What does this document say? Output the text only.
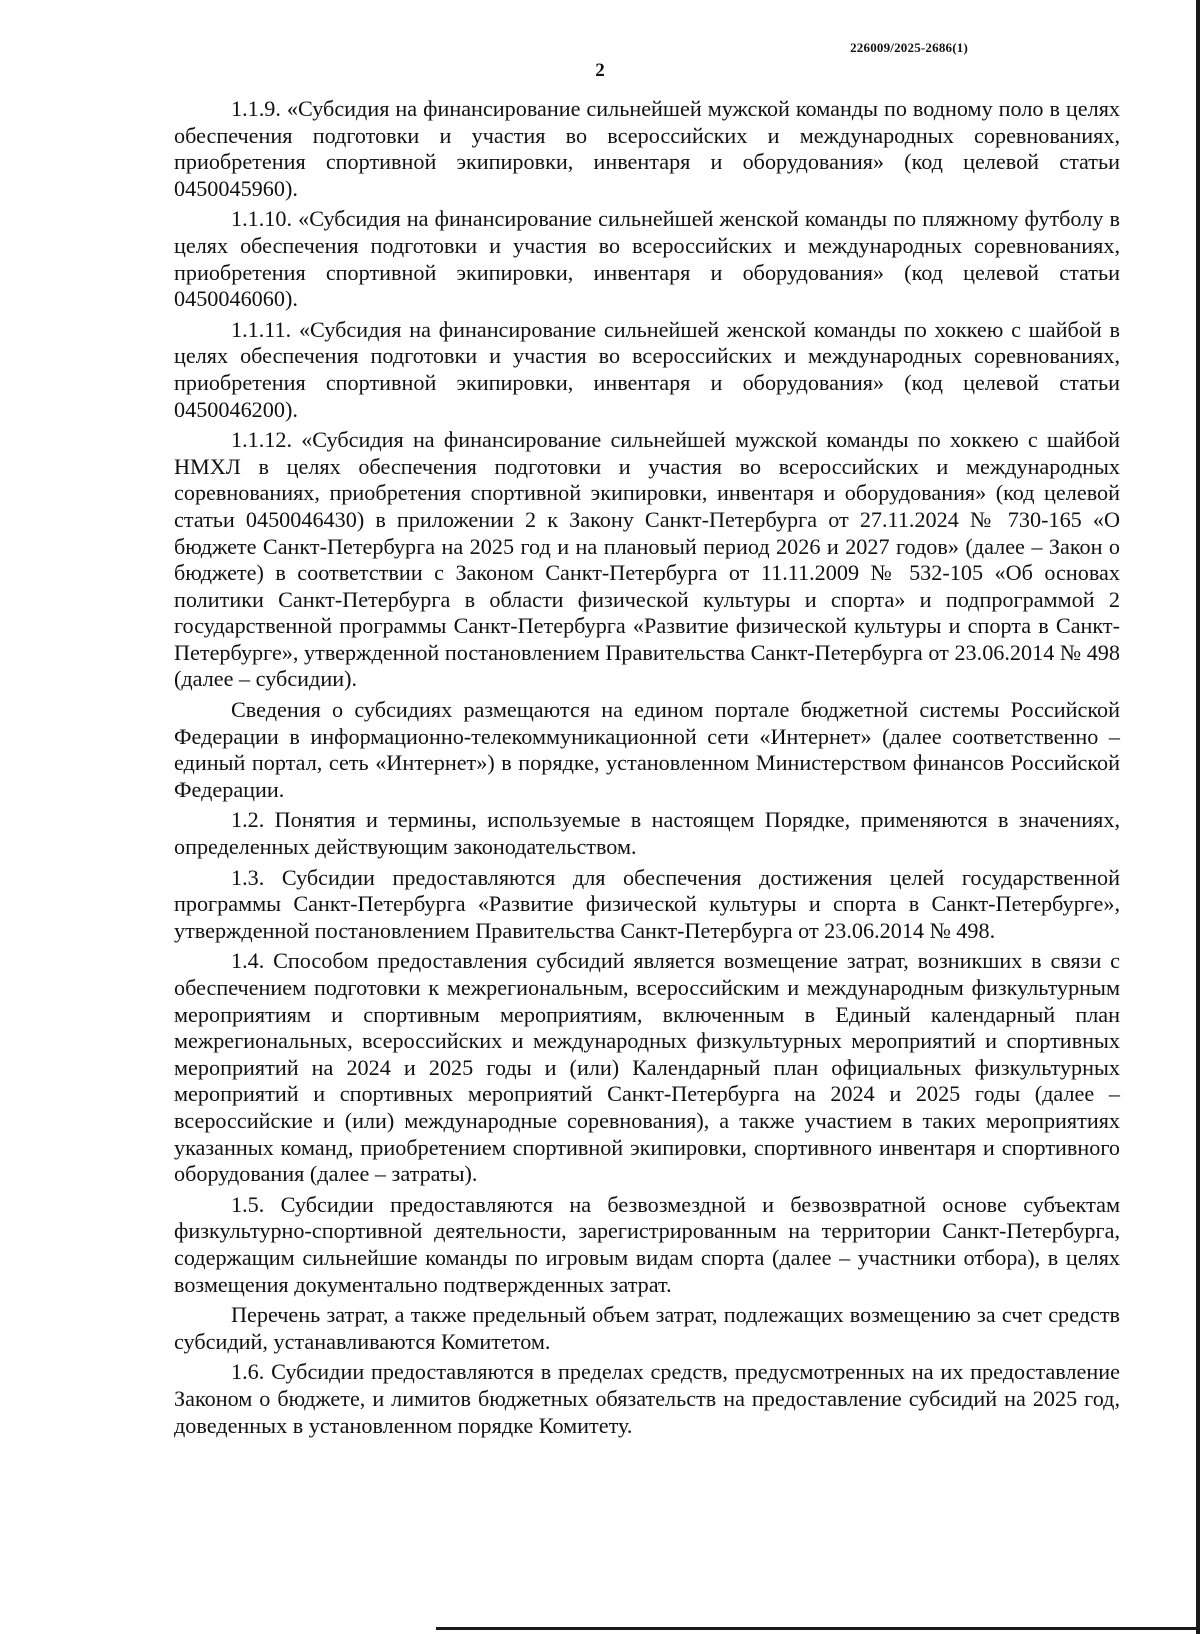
226009/2025-2686(1)
2

1.1.9. «Субсидия на финансирование сильнейшей мужской команды по водному поло в целях обеспечения подготовки и участия во всероссийских и международных соревнованиях, приобретения спортивной экипировки, инвентаря и оборудования» (код целевой статьи 0450045960).

1.1.10. «Субсидия на финансирование сильнейшей женской команды по пляжному футболу в целях обеспечения подготовки и участия во всероссийских и международных соревнованиях, приобретения спортивной экипировки, инвентаря и оборудования» (код целевой статьи 0450046060).

1.1.11. «Субсидия на финансирование сильнейшей женской команды по хоккею с шайбой в целях обеспечения подготовки и участия во всероссийских и международных соревнованиях, приобретения спортивной экипировки, инвентаря и оборудования» (код целевой статьи 0450046200).

1.1.12. «Субсидия на финансирование сильнейшей мужской команды по хоккею с шайбой НМХЛ в целях обеспечения подготовки и участия во всероссийских и международных соревнованиях, приобретения спортивной экипировки, инвентаря и оборудования» (код целевой статьи 0450046430) в приложении 2 к Закону Санкт-Петербурга от 27.11.2024 № 730-165 «О бюджете Санкт-Петербурга на 2025 год и на плановый период 2026 и 2027 годов» (далее – Закон о бюджете) в соответствии с Законом Санкт-Петербурга от 11.11.2009 № 532-105 «Об основах политики Санкт-Петербурга в области физической культуры и спорта» и подпрограммой 2 государственной программы Санкт-Петербурга «Развитие физической культуры и спорта в Санкт-Петербурге», утвержденной постановлением Правительства Санкт-Петербурга от 23.06.2014 № 498 (далее – субсидии).

Сведения о субсидиях размещаются на едином портале бюджетной системы Российской Федерации в информационно-телекоммуникационной сети «Интернет» (далее соответственно – единый портал, сеть «Интернет») в порядке, установленном Министерством финансов Российской Федерации.

1.2. Понятия и термины, используемые в настоящем Порядке, применяются в значениях, определенных действующим законодательством.

1.3. Субсидии предоставляются для обеспечения достижения целей государственной программы Санкт-Петербурга «Развитие физической культуры и спорта в Санкт-Петербурге», утвержденной постановлением Правительства Санкт-Петербурга от 23.06.2014 № 498.

1.4. Способом предоставления субсидий является возмещение затрат, возникших в связи с обеспечением подготовки к межрегиональным, всероссийским и международным физкультурным мероприятиям и спортивным мероприятиям, включенным в Единый календарный план межрегиональных, всероссийских и международных физкультурных мероприятий и спортивных мероприятий на 2024 и 2025 годы и (или) Календарный план официальных физкультурных мероприятий и спортивных мероприятий Санкт-Петербурга на 2024 и 2025 годы (далее – всероссийские и (или) международные соревнования), а также участием в таких мероприятиях указанных команд, приобретением спортивной экипировки, спортивного инвентаря и спортивного оборудования (далее – затраты).

1.5. Субсидии предоставляются на безвозмездной и безвозвратной основе субъектам физкультурно-спортивной деятельности, зарегистрированным на территории Санкт-Петербурга, содержащим сильнейшие команды по игровым видам спорта (далее – участники отбора), в целях возмещения документально подтвержденных затрат.

Перечень затрат, а также предельный объем затрат, подлежащих возмещению за счет средств субсидий, устанавливаются Комитетом.

1.6. Субсидии предоставляются в пределах средств, предусмотренных на их предоставление Законом о бюджете, и лимитов бюджетных обязательств на предоставление субсидий на 2025 год, доведенных в установленном порядке Комитету.
